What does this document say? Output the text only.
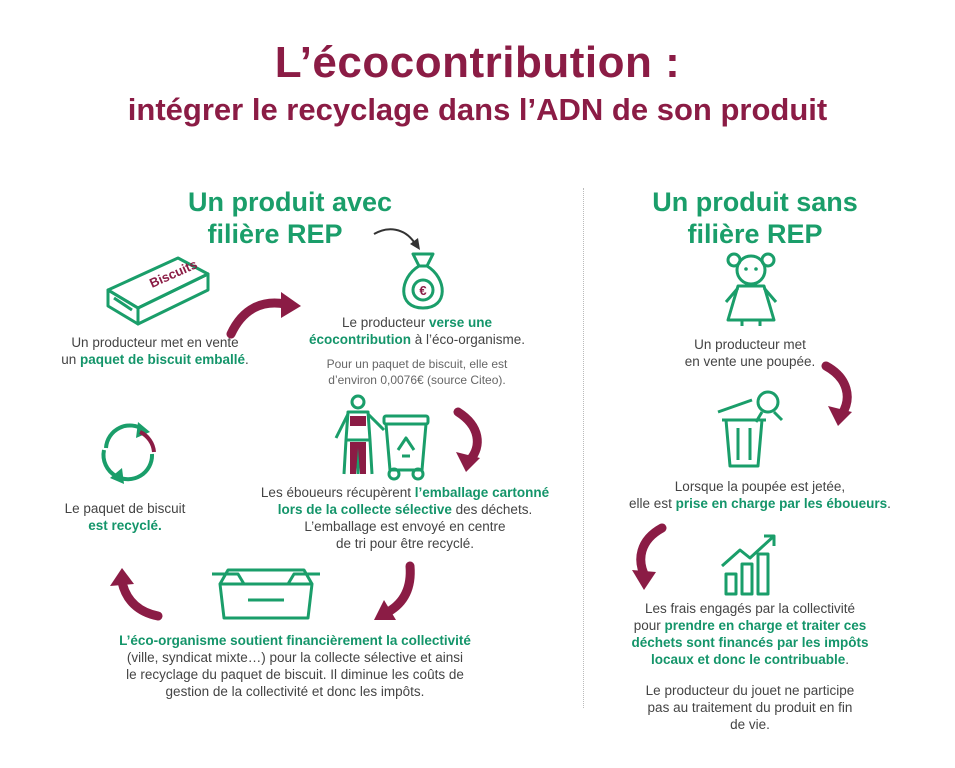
L’écocontribution :
intégrer le recyclage dans l’ADN de son produit
Un produit avec
filière REP
Un produit sans
filière REP
Biscuits
Un producteur met en vente
un paquet de biscuit emballé.
€
Le producteur verse une
écocontribution à l’éco-organisme.
Pour un paquet de biscuit, elle est
d’environ 0,0076€ (source Citeo).
Les éboueurs récupèrent l’emballage cartonné
lors de la collecte sélective des déchets.
L’emballage est envoyé en centre
de tri pour être recyclé.
Le paquet de biscuit
est recyclé.
L’éco-organisme soutient financièrement la collectivité
(ville, syndicat mixte…) pour la collecte sélective et ainsi
le recyclage du paquet de biscuit. Il diminue les coûts de
gestion de la collectivité et donc les impôts.
Un producteur met
en vente une poupée.
Lorsque la poupée est jetée,
elle est prise en charge par les éboueurs.
Les frais engagés par la collectivité
pour prendre en charge et traiter ces
déchets sont financés par les impôts
locaux et donc le contribuable.
Le producteur du jouet ne participe
pas au traitement du produit en fin
de vie.
